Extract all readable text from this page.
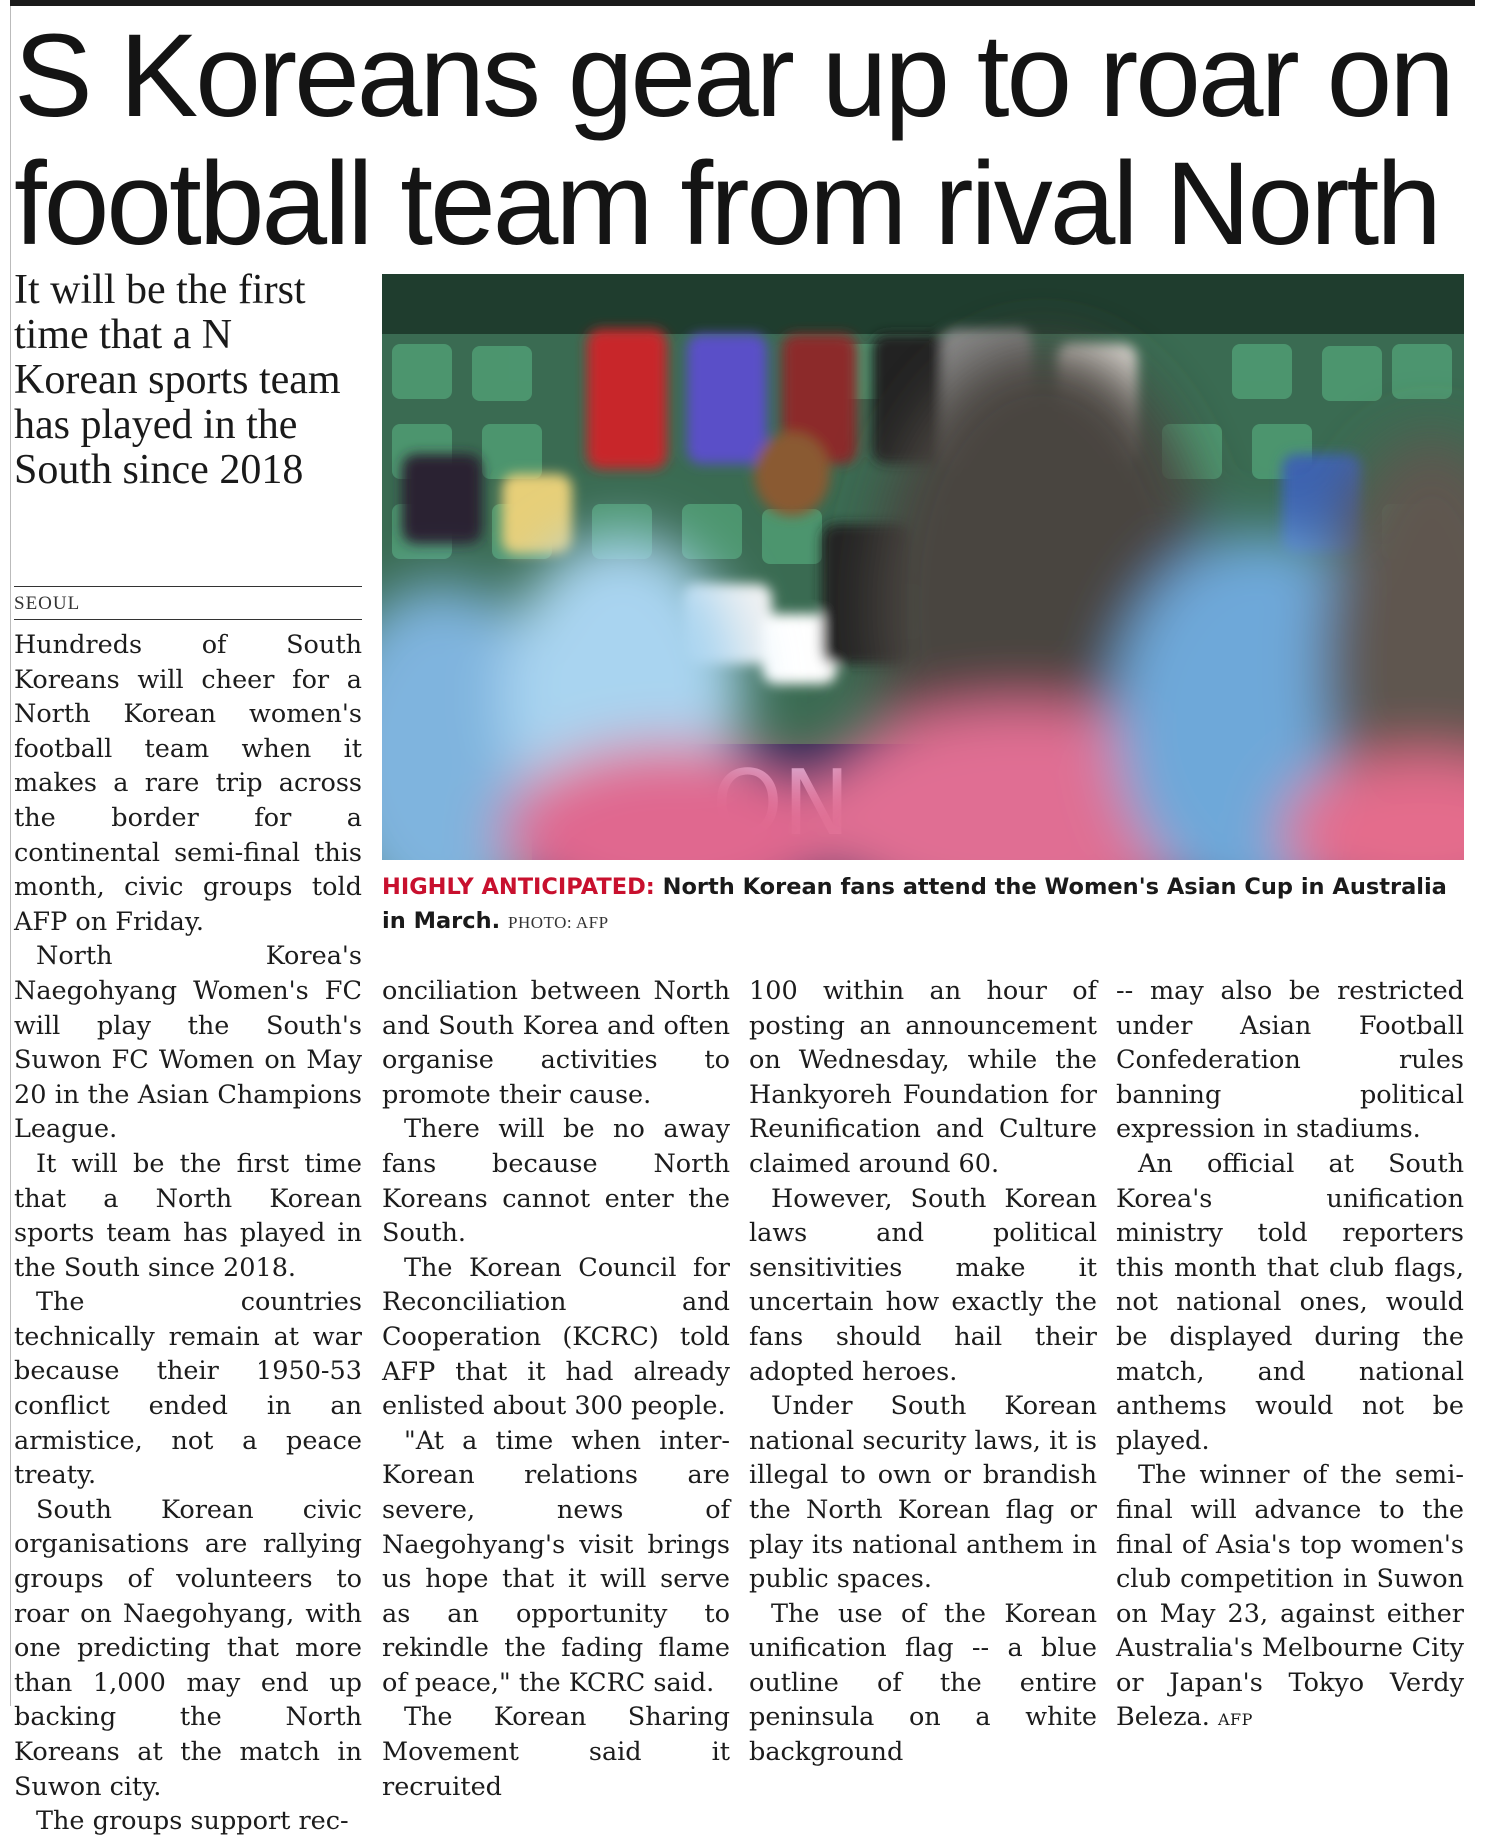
S Koreans gear up to roar on
football team from rival North

It will be the first time that a N Korean sports team has played in the South since 2018

SEOUL

Hundreds of South Koreans will cheer for a North Korean women's football team when it makes a rare trip across the border for a continental semi-final this month, civic groups told AFP on Friday.

North Korea's Naegohyang Women's FC will play the South's Suwon FC Women on May 20 in the Asian Champions League.

It will be the first time that a North Korean sports team has played in the South since 2018.

The countries technically remain at war because their 1950-53 conflict ended in an armistice, not a peace treaty.

South Korean civic organisations are rallying groups of volunteers to roar on Naegohyang, with one predicting that more than 1,000 may end up backing the North Koreans at the match in Suwon city.

The groups support rec-

HIGHLY ANTICIPATED: North Korean fans attend the Women's Asian Cup in Australia in March. PHOTO: AFP

onciliation between North and South Korea and often organise activities to promote their cause.

There will be no away fans because North Koreans cannot enter the South.

The Korean Council for Reconciliation and Cooperation (KCRC) told AFP that it had already enlisted about 300 people.

"At a time when inter-Korean relations are severe, news of Naegohyang's visit brings us hope that it will serve as an opportunity to rekindle the fading flame of peace," the KCRC said.

The Korean Sharing Movement said it recruited

100 within an hour of posting an announcement on Wednesday, while the Hankyoreh Foundation for Reunification and Culture claimed around 60.

However, South Korean laws and political sensitivities make it uncertain how exactly the fans should hail their adopted heroes.

Under South Korean national security laws, it is illegal to own or brandish the North Korean flag or play its national anthem in public spaces.

The use of the Korean unification flag -- a blue outline of the entire peninsula on a white background

-- may also be restricted under Asian Football Confederation rules banning political expression in stadiums.

An official at South Korea's unification ministry told reporters this month that club flags, not national ones, would be displayed during the match, and national anthems would not be played.

The winner of the semi-final will advance to the final of Asia's top women's club competition in Suwon on May 23, against either Australia's Melbourne City or Japan's Tokyo Verdy Beleza. AFP
